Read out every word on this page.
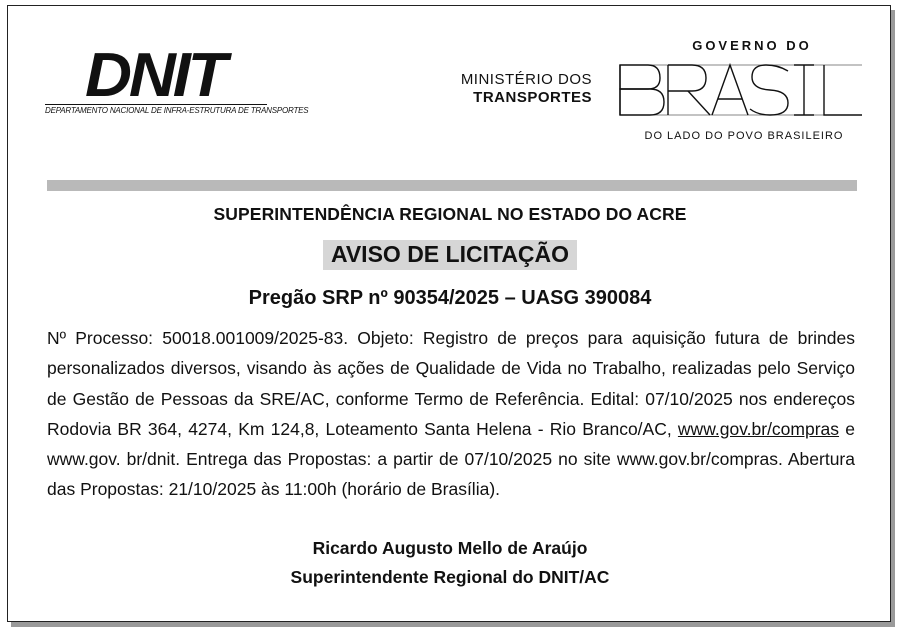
DNIT
DEPARTAMENTO NACIONAL DE INFRA-ESTRUTURA DE TRANSPORTES
MINISTÉRIO DOS
TRANSPORTES
GOVERNO DO
DO LADO DO POVO BRASILEIRO
SUPERINTENDÊNCIA REGIONAL NO ESTADO DO ACRE
AVISO DE LICITAÇÃO
Pregão SRP nº 90354/2025 – UASG 390084

Nº Processo: 50018.001009/2025-83. Objeto: Registro de preços para aquisição futura de brindes personalizados diversos, visando às ações de Qualidade de Vida no Trabalho, realizadas pelo Serviço de Gestão de Pessoas da SRE/AC, conforme Termo de Referência. Edital: 07/10/2025 nos endereços Rodovia BR 364, 4274, Km 124,8, Loteamento Santa Helena - Rio Branco/AC, www.gov.br/compras e www.gov. br/dnit. Entrega das Propostas: a partir de 07/10/2025 no site www.gov.br/compras. Abertura das Propostas: 21/10/2025 às 11:00h (horário de Brasília).

Ricardo Augusto Mello de Araújo
Superintendente Regional do DNIT/AC
